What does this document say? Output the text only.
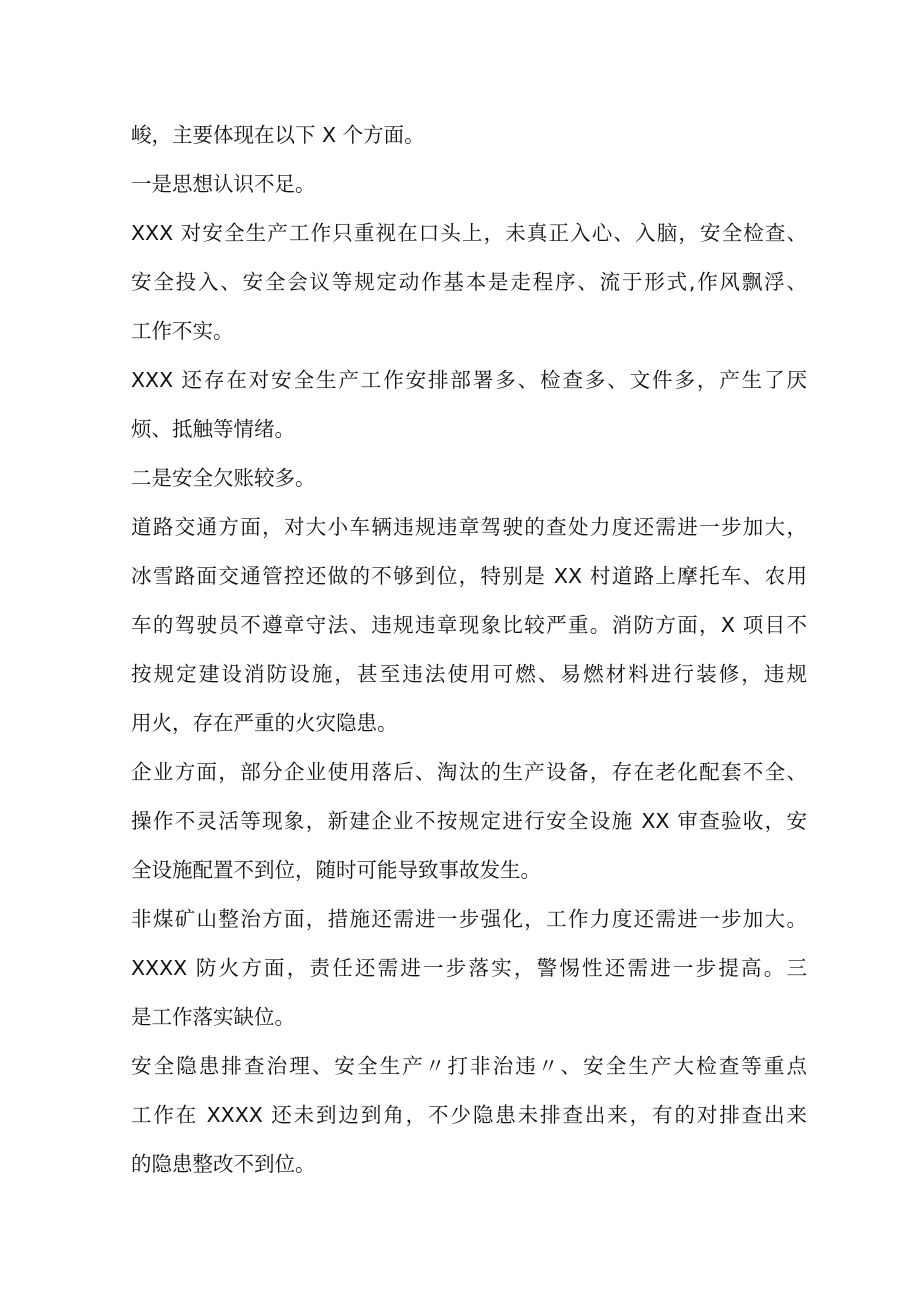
峻，主要体现在以下 X 个方面。
一是思想认识不足。
XXX 对安全生产工作只重视在口头上，未真正入心、入脑，安全检查、
安全投入、安全会议等规定动作基本是走程序、流于形式,作风飘浮、
工作不实。
XXX 还存在对安全生产工作安排部署多、检查多、文件多，产生了厌
烦、抵触等情绪。
二是安全欠账较多。
道路交通方面，对大小车辆违规违章驾驶的查处力度还需进一步加大，
冰雪路面交通管控还做的不够到位，特别是 XX 村道路上摩托车、农用
车的驾驶员不遵章守法、违规违章现象比较严重。消防方面，X 项目不
按规定建设消防设施，甚至违法使用可燃、易燃材料进行装修，违规
用火，存在严重的火灾隐患。
企业方面，部分企业使用落后、淘汰的生产设备，存在老化配套不全、
操作不灵活等现象，新建企业不按规定进行安全设施 XX 审查验收，安
全设施配置不到位，随时可能导致事故发生。
非煤矿山整治方面，措施还需进一步强化，工作力度还需进一步加大。
XXXX 防火方面，责任还需进一步落实，警惕性还需进一步提高。三
是工作落实缺位。
安全隐患排查治理、安全生产〃打非治违〃、安全生产大检查等重点
工作在 XXXX 还未到边到角，不少隐患未排查出来，有的对排查出来
的隐患整改不到位。
